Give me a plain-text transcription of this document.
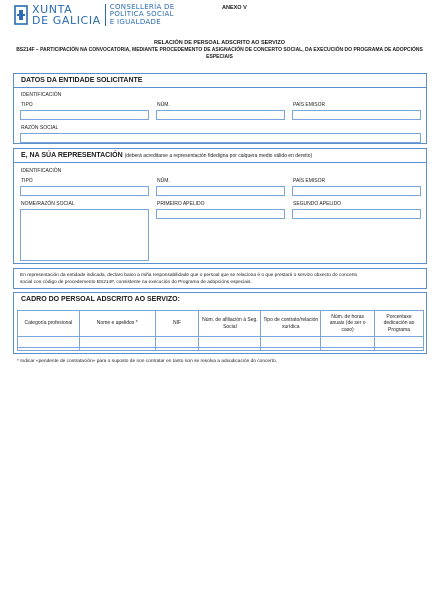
XUNTA
DE GALICIA
CONSELLERÍA DE
POLÍTICA SOCIAL
E IGUALDADE
ANEXO V
RELACIÓN DE PERSOAL ADSCRITO AO SERVIZO
BS214F – PARTICIPACIÓN NA CONVOCATORIA, MEDIANTE PROCEDEMENTO DE ASIGNACIÓN DE CONCERTO SOCIAL, DA EXECUCIÓN DO PROGRAMA DE ADOPCIÓNS ESPECIAIS
DATOS DA ENTIDADE SOLICITANTE
IDENTIFICACIÓN
TIPO	NÚM.	PAÍS EMISOR
RAZÓN SOCIAL
E, NA SÚA REPRESENTACIÓN (deberá acreditarse a representación fidedigna por calquera medio válido en dereito)
IDENTIFICACIÓN
TIPO	NÚM.	PAÍS EMISOR
NOME/RAZÓN SOCIAL	PRIMEIRO APELIDO	SEGUNDO APELIDO
En representación da entidade indicada, declaro baixo a miña responsabilidade que o persoal que se relaciona é o que prestará o servizo obxecto do concerto
social con código de procedemento BS214F, consistente na execución do Programa de adopcións especiais.
CADRO DO PERSOAL ADSCRITO AO SERVIZO:
Categoría profesional	Nome e apelidos *	NIF	Núm. de afiliación á Seg. Social	Tipo de contrato/relación xurídica	Núm. de horas anuais (de ser o caso)	Porcentaxe dedicación ao Programa

* Indicar «pendente de contratación» para o suposto de non contratar en tanto non se resolva a adxudicación do concerto.
